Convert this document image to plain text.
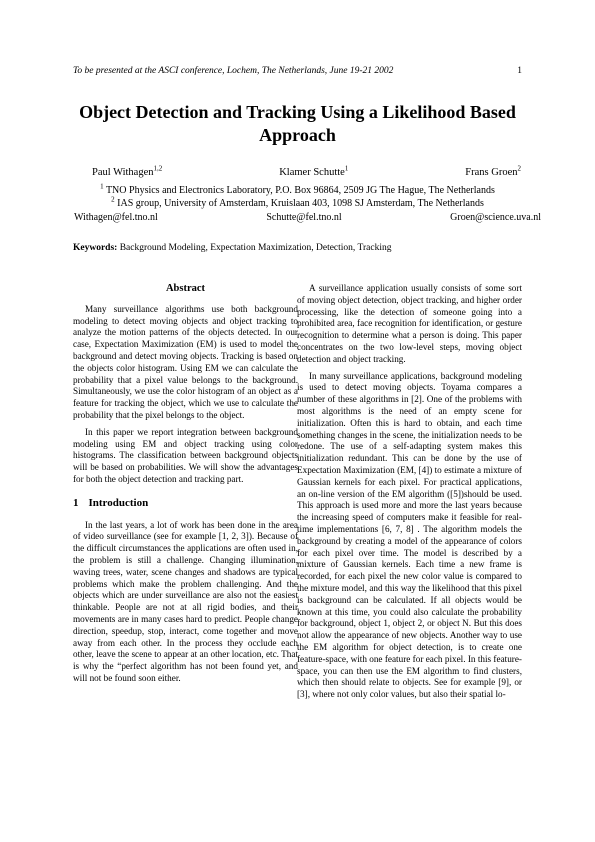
To be presented at the ASCI conference, Lochem, The Netherlands, June 19-21 2002	1
Object Detection and Tracking Using a Likelihood Based Approach
Paul Withagen$^{1,2}$	Klamer Schutte$^1$	Frans Groen$^2$
$^1$ TNO Physics and Electronics Laboratory, P.O. Box 96864, 2509 JG The Hague, The Netherlands
$^2$ IAS group, University of Amsterdam, Kruislaan 403, 1098 SJ Amsterdam, The Netherlands
Withagen@fel.tno.nl	Schutte@fel.tno.nl	Groen@science.uva.nl
Keywords: Background Modeling, Expectation Maximization, Detection, Tracking
Abstract

Many surveillance algorithms use both background modeling to detect moving objects and object tracking to analyze the motion patterns of the objects detected. In our case, Expectation Maximization (EM) is used to model the background and detect moving objects. Tracking is based on the objects color histogram. Using EM we can calculate the probability that a pixel value belongs to the background. Simultaneously, we use the color histogram of an object as a feature for tracking the object, which we use to calculate the probability that the pixel belongs to the object.

In this paper we report integration between background modeling using EM and object tracking using color histograms. The classification between background objects will be based on probabilities. We will show the advantages for both the object detection and tracking part.

1 Introduction

In the last years, a lot of work has been done in the area of video surveillance (see for example [1, 2, 3]). Because of the difficult circumstances the applications are often used in, the problem is still a challenge. Changing illumination, waving trees, water, scene changes and shadows are typical problems which make the problem challenging. And the objects which are under surveillance are also not the easiest thinkable. People are not at all rigid bodies, and their movements are in many cases hard to predict. People change direction, speedup, stop, interact, come together and move away from each other. In the process they occlude each other, leave the scene to appear at an other location, etc. That is why the “perfect algorithm has not been found yet, and will not be found soon either.

A surveillance application usually consists of some sort of moving object detection, object tracking, and higher order processing, like the detection of someone going into a prohibited area, face recognition for identification, or gesture recognition to determine what a person is doing. This paper concentrates on the two low-level steps, moving object detection and object tracking.

In many surveillance applications, background modeling is used to detect moving objects. Toyama compares a number of these algorithms in [2]. One of the problems with most algorithms is the need of an empty scene for initialization. Often this is hard to obtain, and each time something changes in the scene, the initialization needs to be redone. The use of a self-adapting system makes this initialization redundant. This can be done by the use of Expectation Maximization (EM, [4]) to estimate a mixture of Gaussian kernels for each pixel. For practical applications, an on-line version of the EM algorithm ([5])should be used. This approach is used more and more the last years because the increasing speed of computers make it feasible for real-time implementations [6, 7, 8] . The algorithm models the background by creating a model of the appearance of colors for each pixel over time. The model is described by a mixture of Gaussian kernels. Each time a new frame is recorded, for each pixel the new color value is compared to the mixture model, and this way the likelihood that this pixel is background can be calculated. If all objects would be known at this time, you could also calculate the probability for background, object 1, object 2, or object N. But this does not allow the appearance of new objects. Another way to use the EM algorithm for object detection, is to create one feature-space, with one feature for each pixel. In this feature-space, you can then use the EM algorithm to find clusters, which then should relate to objects. See for example [9], or [3], where not only color values, but also their spatial lo-
